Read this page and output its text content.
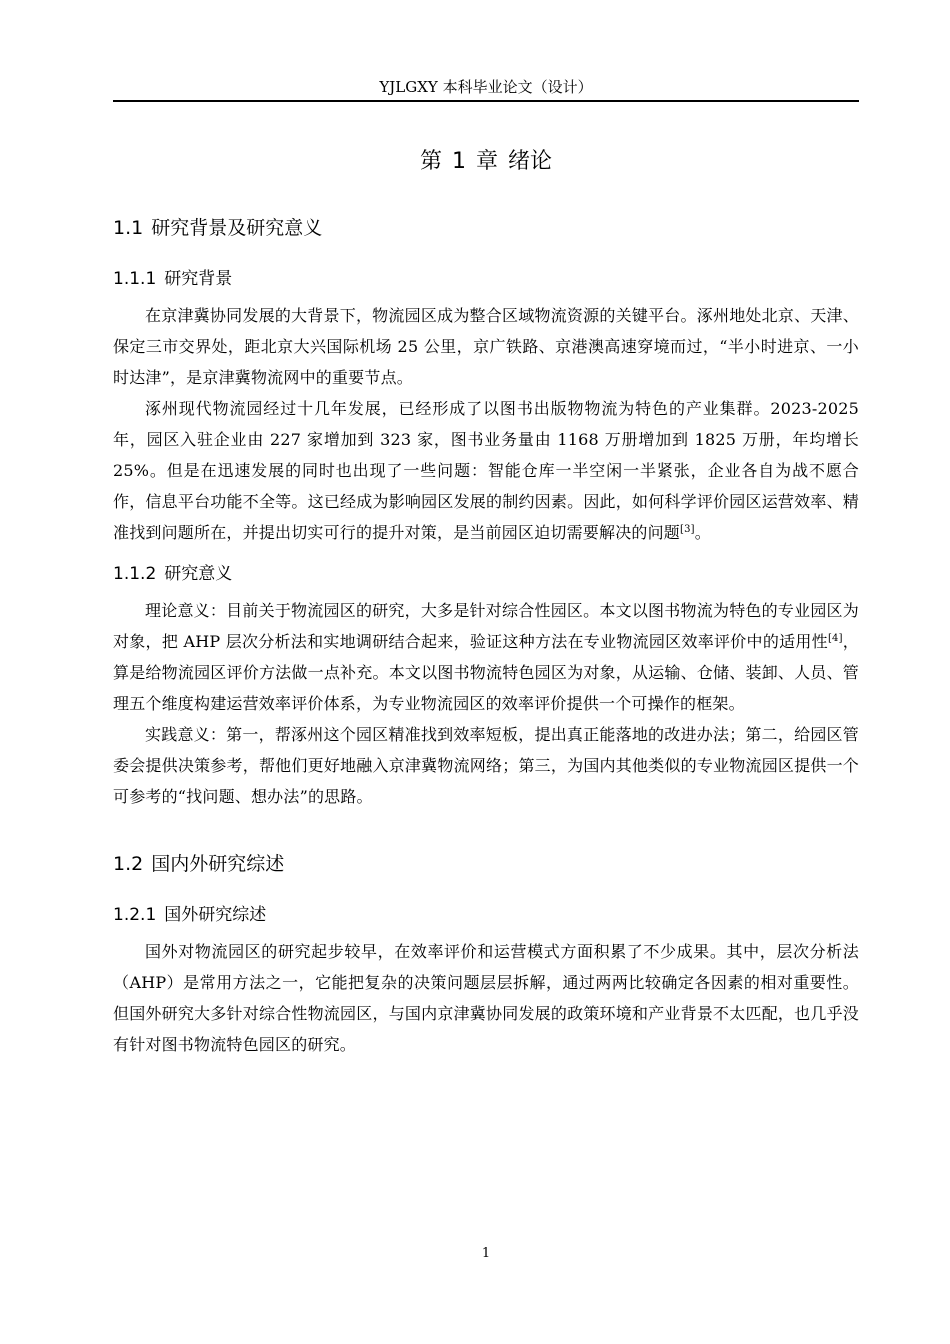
YJLGXY 本科毕业论文（设计）
第 1 章 绪论
1.1 研究背景及研究意义
1.1.1 研究背景

在京津冀协同发展的大背景下，物流园区成为整合区域物流资源的关键平台。涿州地处北京、天津、保定三市交界处，距北京大兴国际机场 25 公里，京广铁路、京港澳高速穿境而过，“半小时进京、一小时达津”，是京津冀物流网中的重要节点。

涿州现代物流园经过十几年发展，已经形成了以图书出版物物流为特色的产业集群。2023-2025 年，园区入驻企业由 227 家增加到 323 家，图书业务量由 1168 万册增加到 1825 万册，年均增长 25%。但是在迅速发展的同时也出现了一些问题：智能仓库一半空闲一半紧张，企业各自为战不愿合作，信息平台功能不全等。这已经成为影响园区发展的制约因素。因此，如何科学评价园区运营效率、精准找到问题所在，并提出切实可行的提升对策，是当前园区迫切需要解决的问题[3]。

1.1.2 研究意义

理论意义：目前关于物流园区的研究，大多是针对综合性园区。本文以图书物流为特色的专业园区为对象，把 AHP 层次分析法和实地调研结合起来，验证这种方法在专业物流园区效率评价中的适用性[4]，算是给物流园区评价方法做一点补充。本文以图书物流特色园区为对象，从运输、仓储、装卸、人员、管理五个维度构建运营效率评价体系，为专业物流园区的效率评价提供一个可操作的框架。

实践意义：第一，帮涿州这个园区精准找到效率短板，提出真正能落地的改进办法；第二，给园区管委会提供决策参考，帮他们更好地融入京津冀物流网络；第三，为国内其他类似的专业物流园区提供一个可参考的“找问题、想办法”的思路。

1.2 国内外研究综述
1.2.1 国外研究综述

国外对物流园区的研究起步较早，在效率评价和运营模式方面积累了不少成果。其中，层次分析法（AHP）是常用方法之一，它能把复杂的决策问题层层拆解，通过两两比较确定各因素的相对重要性。但国外研究大多针对综合性物流园区，与国内京津冀协同发展的政策环境和产业背景不太匹配，也几乎没有针对图书物流特色园区的研究。

1
